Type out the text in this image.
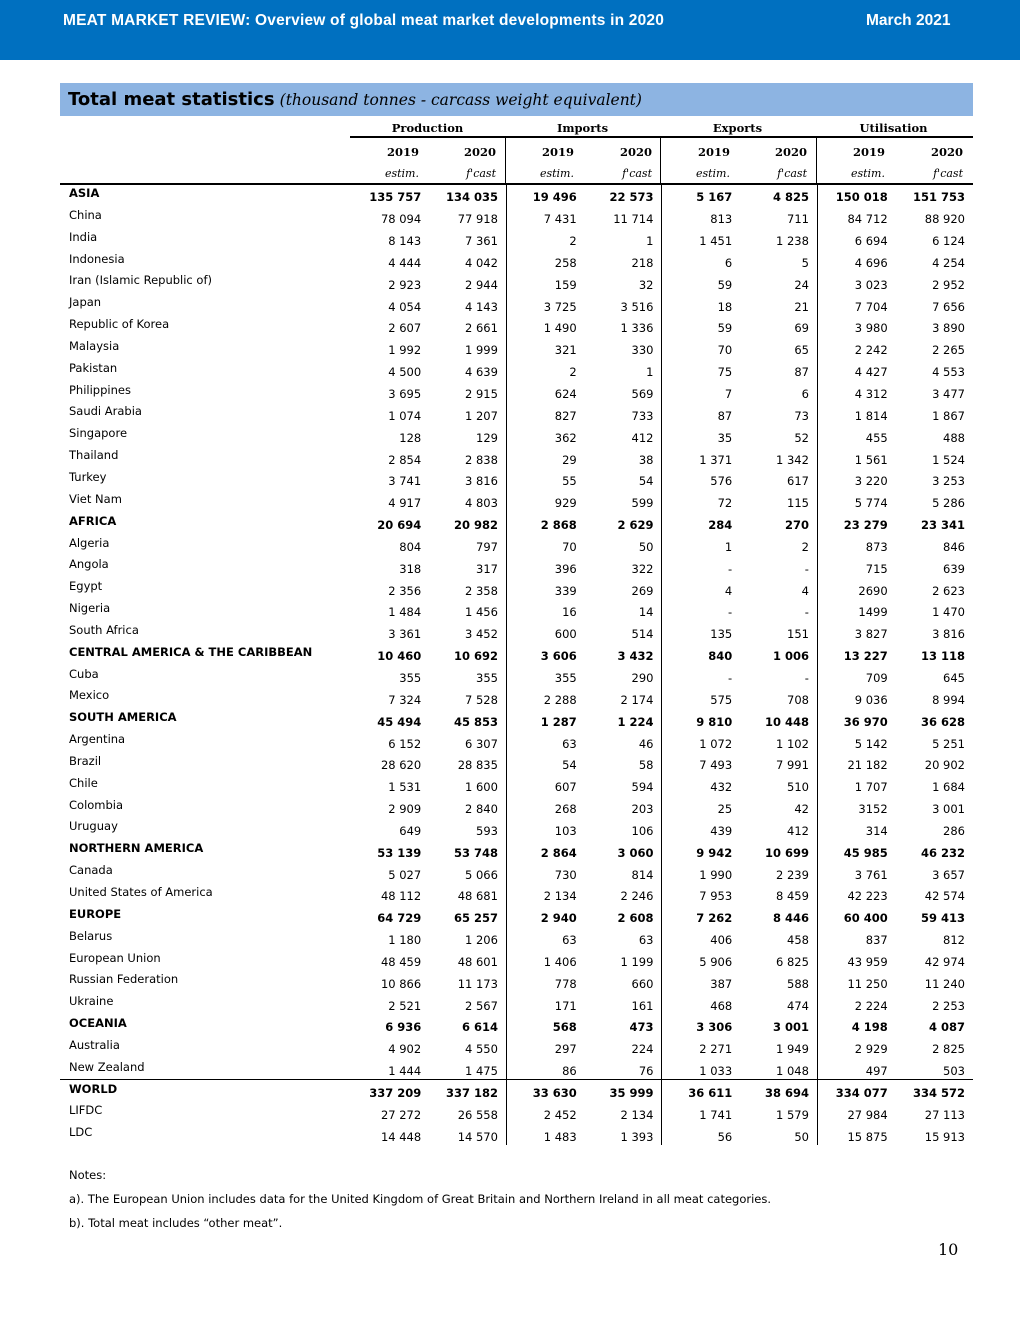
MEAT MARKET REVIEW: Overview of global meat market developments in 2020	March 2021
Total meat statistics (thousand tonnes - carcass weight equivalent)
Production	Imports	Exports	Utilisation
2019	2020	2019	2020	2019	2020	2019	2020
estim.	f'cast	estim.	f'cast	estim.	f'cast	estim.	f'cast
ASIA	135 757	134 035	19 496	22 573	5 167	4 825	150 018	151 753
China	78 094	77 918	7 431	11 714	813	711	84 712	88 920
India	8 143	7 361	2	1	1 451	1 238	6 694	6 124
Indonesia	4 444	4 042	258	218	6	5	4 696	4 254
Iran (Islamic Republic of)	2 923	2 944	159	32	59	24	3 023	2 952
Japan	4 054	4 143	3 725	3 516	18	21	7 704	7 656
Republic of Korea	2 607	2 661	1 490	1 336	59	69	3 980	3 890
Malaysia	1 992	1 999	321	330	70	65	2 242	2 265
Pakistan	4 500	4 639	2	1	75	87	4 427	4 553
Philippines	3 695	2 915	624	569	7	6	4 312	3 477
Saudi Arabia	1 074	1 207	827	733	87	73	1 814	1 867
Singapore	128	129	362	412	35	52	455	488
Thailand	2 854	2 838	29	38	1 371	1 342	1 561	1 524
Turkey	3 741	3 816	55	54	576	617	3 220	3 253
Viet Nam	4 917	4 803	929	599	72	115	5 774	5 286
AFRICA	20 694	20 982	2 868	2 629	284	270	23 279	23 341
Algeria	804	797	70	50	1	2	873	846
Angola	318	317	396	322	-	-	715	639
Egypt	2 356	2 358	339	269	4	4	2690	2 623
Nigeria	1 484	1 456	16	14	-	-	1499	1 470
South Africa	3 361	3 452	600	514	135	151	3 827	3 816
CENTRAL AMERICA & THE CARIBBEAN	10 460	10 692	3 606	3 432	840	1 006	13 227	13 118
Cuba	355	355	355	290	-	-	709	645
Mexico	7 324	7 528	2 288	2 174	575	708	9 036	8 994
SOUTH AMERICA	45 494	45 853	1 287	1 224	9 810	10 448	36 970	36 628
Argentina	6 152	6 307	63	46	1 072	1 102	5 142	5 251
Brazil	28 620	28 835	54	58	7 493	7 991	21 182	20 902
Chile	1 531	1 600	607	594	432	510	1 707	1 684
Colombia	2 909	2 840	268	203	25	42	3152	3 001
Uruguay	649	593	103	106	439	412	314	286
NORTHERN AMERICA	53 139	53 748	2 864	3 060	9 942	10 699	45 985	46 232
Canada	5 027	5 066	730	814	1 990	2 239	3 761	3 657
United States of America	48 112	48 681	2 134	2 246	7 953	8 459	42 223	42 574
EUROPE	64 729	65 257	2 940	2 608	7 262	8 446	60 400	59 413
Belarus	1 180	1 206	63	63	406	458	837	812
European Union	48 459	48 601	1 406	1 199	5 906	6 825	43 959	42 974
Russian Federation	10 866	11 173	778	660	387	588	11 250	11 240
Ukraine	2 521	2 567	171	161	468	474	2 224	2 253
OCEANIA	6 936	6 614	568	473	3 306	3 001	4 198	4 087
Australia	4 902	4 550	297	224	2 271	1 949	2 929	2 825
New Zealand	1 444	1 475	86	76	1 033	1 048	497	503
WORLD	337 209	337 182	33 630	35 999	36 611	38 694	334 077	334 572
LIFDC	27 272	26 558	2 452	2 134	1 741	1 579	27 984	27 113
LDC	14 448	14 570	1 483	1 393	56	50	15 875	15 913

Notes:

a). The European Union includes data for the United Kingdom of Great Britain and Northern Ireland in all meat categories.

b). Total meat includes “other meat”.

10
